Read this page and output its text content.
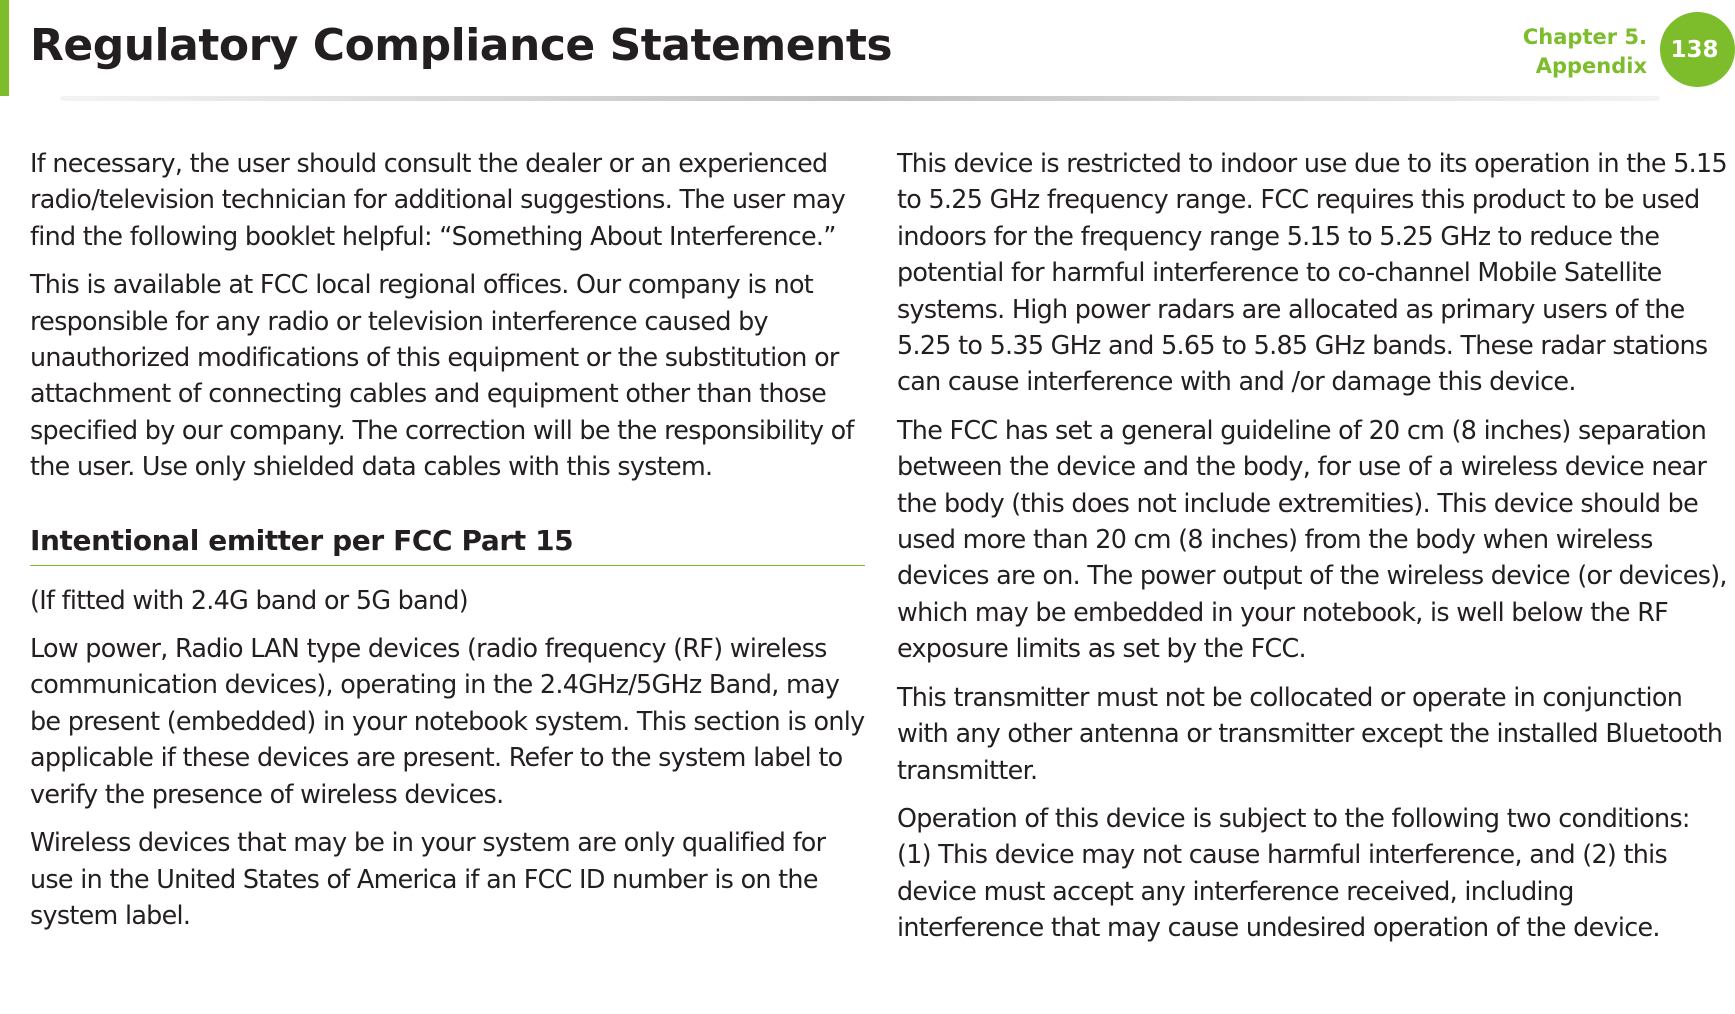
Regulatory Compliance Statements	Chapter 5.
Appendix
138

If necessary, the user should consult the dealer or an experienced radio/television technician for additional suggestions. The user may find the following booklet helpful: “Something About Interference.”

This is available at FCC local regional offices. Our company is not responsible for any radio or television interference caused by unauthorized modifications of this equipment or the substitution or attachment of connecting cables and equipment other than those specified by our company. The correction will be the responsibility of the user. Use only shielded data cables with this system.

Intentional emitter per FCC Part 15

(If fitted with 2.4G band or 5G band)

Low power, Radio LAN type devices (radio frequency (RF) wireless communication devices), operating in the 2.4GHz/5GHz Band, may be present (embedded) in your notebook system. This section is only applicable if these devices are present. Refer to the system label to verify the presence of wireless devices.

Wireless devices that may be in your system are only qualified for use in the United States of America if an FCC ID number is on the system label.

This device is restricted to indoor use due to its operation in the 5.15 to 5.25 GHz frequency range. FCC requires this product to be used indoors for the frequency range 5.15 to 5.25 GHz to reduce the potential for harmful interference to co-channel Mobile Satellite systems. High power radars are allocated as primary users of the 5.25 to 5.35 GHz and 5.65 to 5.85 GHz bands. These radar stations can cause interference with and /or damage this device.

The FCC has set a general guideline of 20 cm (8 inches) separation between the device and the body, for use of a wireless device near the body (this does not include extremities). This device should be used more than 20 cm (8 inches) from the body when wireless devices are on. The power output of the wireless device (or devices), which may be embedded in your notebook, is well below the RF exposure limits as set by the FCC.

This transmitter must not be collocated or operate in conjunction with any other antenna or transmitter except the installed Bluetooth transmitter.

Operation of this device is subject to the following two conditions: (1) This device may not cause harmful interference, and (2) this device must accept any interference received, including interference that may cause undesired operation of the device.
